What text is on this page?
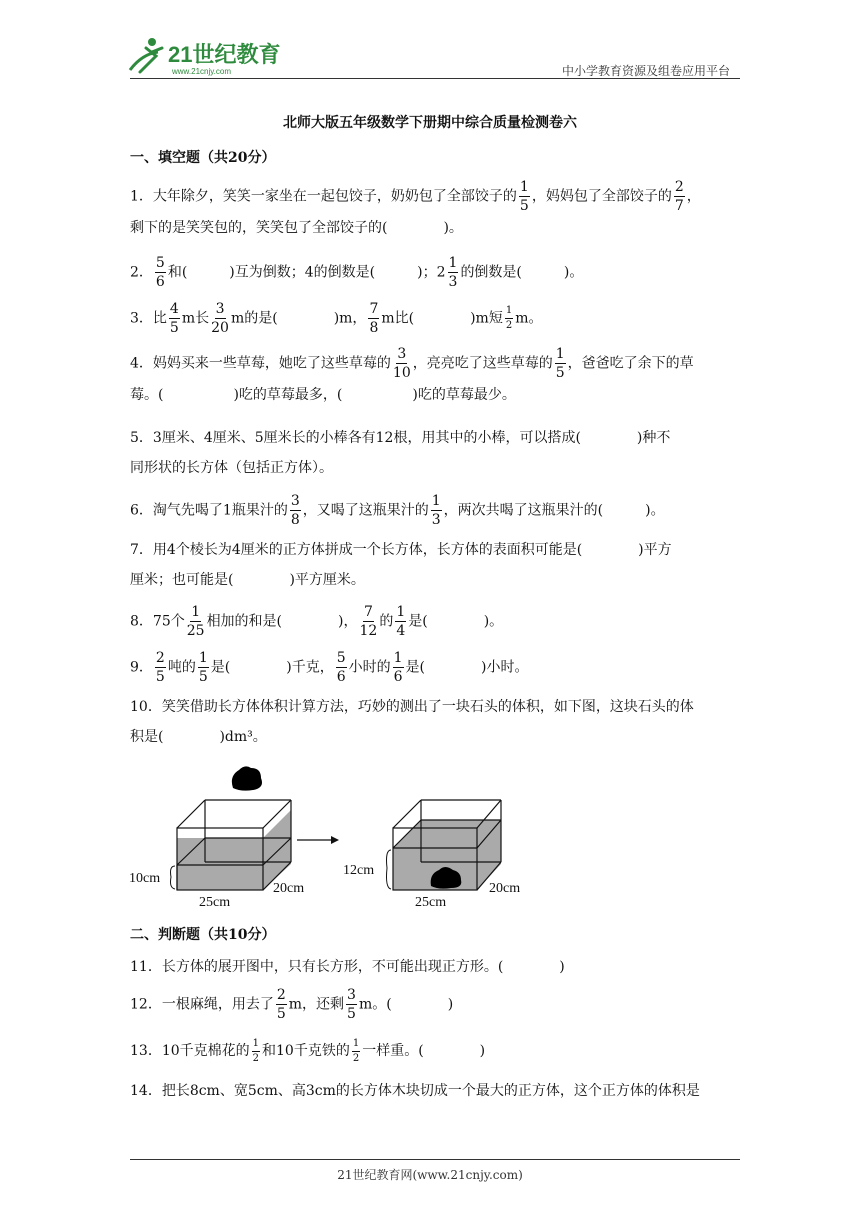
21世纪教育
www.21cnjy.com	中小学教育资源及组卷应用平台
北师大版五年级数学下册期中综合质量检测卷六
一、填空题（共20分）
1．大年除夕，笑笑一家坐在一起包饺子，奶奶包了全部饺子的 $\frac{1}{5}$ ，妈妈包了全部饺子的 $\frac{2}{7}$ ，
剩下的是笑笑包的，笑笑包了全部饺子的(　　　　)。
2． $\frac{5}{6}$ 和(　　　)互为倒数；4的倒数是(　　　)；$2 \frac{1}{3}$ 的倒数是(　　　)。
3．比 $\frac{4}{5}$ m长 $\frac{3}{20}$ m的是(　　　　)m， $\frac{7}{8}$ m比(　　　　)m短 $\frac{1}{2}$ m。
4．妈妈买来一些草莓，她吃了这些草莓的 $\frac{3}{10}$ ，亮亮吃了这些草莓的 $\frac{1}{5}$ ，爸爸吃了余下的草
莓。(　　　　　)吃的草莓最多，(　　　　　)吃的草莓最少。
5．3厘米、4厘米、5厘米长的小棒各有12根，用其中的小棒，可以搭成(　　　　)种不
同形状的长方体（包括正方体）。
6．淘气先喝了1瓶果汁的 $\frac{3}{8}$ ，又喝了这瓶果汁的 $\frac{1}{3}$ ，两次共喝了这瓶果汁的(　　　)。
7．用4个棱长为4厘米的正方体拼成一个长方体，长方体的表面积可能是(　　　　)平方
厘米；也可能是(　　　　)平方厘米。
8．75个 $\frac{1}{25}$ 相加的和是(　　　　)， $\frac{7}{12}$ 的 $\frac{1}{4}$ 是(　　　　)。
9． $\frac{2}{5}$ 吨的 $\frac{1}{5}$ 是(　　　　)千克， $\frac{5}{6}$ 小时的 $\frac{1}{6}$ 是(　　　　)小时。
10．笑笑借助长方体体积计算方法，巧妙的测出了一块石头的体积，如下图，这块石头的体
积是(　　　　)dm³。
10cm
25cm
20cm
12cm
25cm
20cm
二、判断题（共10分）
11．长方体的展开图中，只有长方形，不可能出现正方形。(　　　　)
12．一根麻绳，用去了 $\frac{2}{5}$ m，还剩 $\frac{3}{5}$ m。(　　　　)
13．10千克棉花的 $\frac{1}{2}$ 和10千克铁的 $\frac{1}{2}$ 一样重。(　　　　)
14．把长8cm、宽5cm、高3cm的长方体木块切成一个最大的正方体，这个正方体的体积是
21世纪教育网(www.21cnjy.com)
